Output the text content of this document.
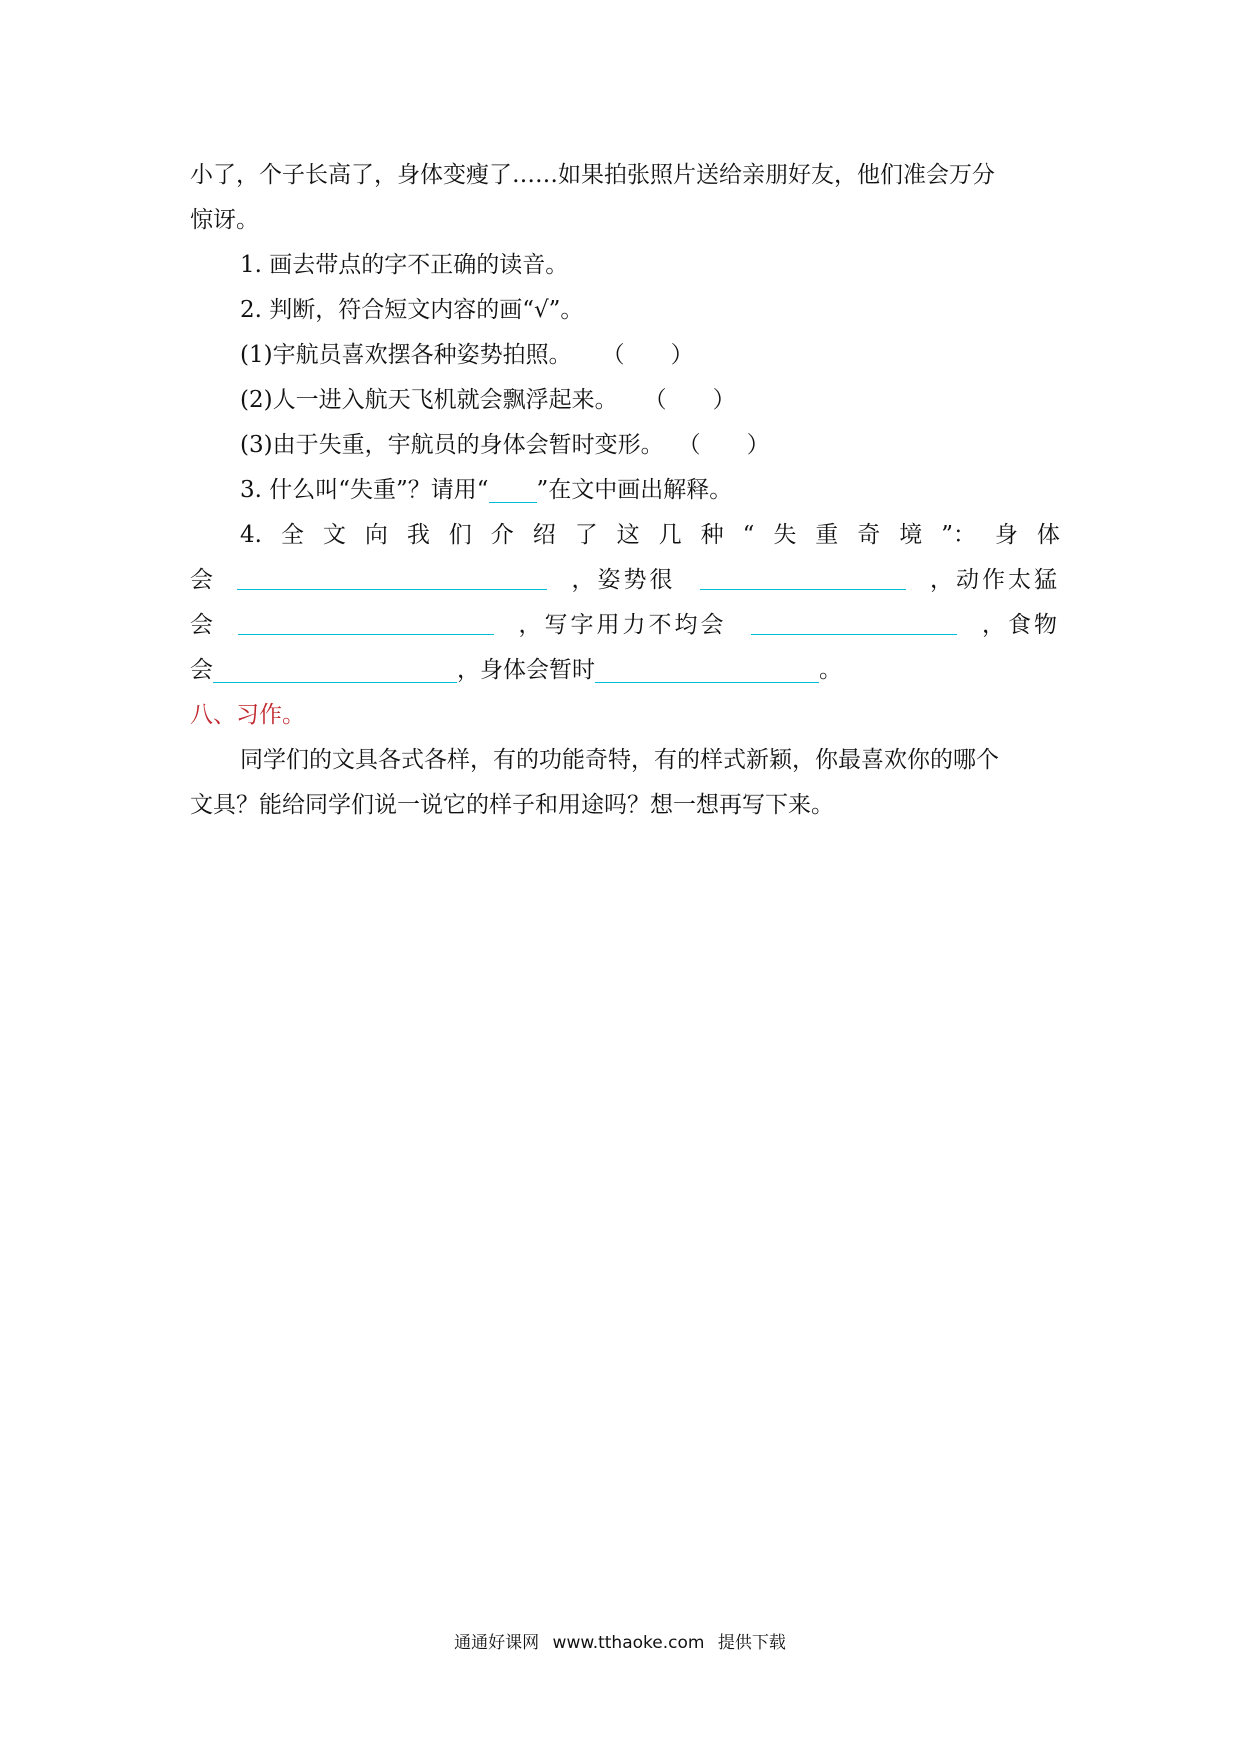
小了，个子长高了，身体变瘦了……如果拍张照片送给亲朋好友，他们准会万分
惊讶。
1. 画去带点的字不正确的读音。
2. 判断，符合短文内容的画“√”。
(1)宇航员喜欢摆各种姿势拍照。 （　　）
(2)人一进入航天飞机就会飘浮起来。 （　　）
(3)由于失重，宇航员的身体会暂时变形。 （　　）
3. 什么叫“失重”？请用“ ”在文中画出解释。
4. 全 文 向 我 们 介 绍 了 这 几 种 “ 失 重 奇 境 ”： 身 体
会	，姿势很	，动作太猛
会	，写字用力不均会	，食物
会	，身体会暂时	。
八、习作。
同学们的文具各式各样，有的功能奇特，有的样式新颖，你最喜欢你的哪个
文具？能给同学们说一说它的样子和用途吗？想一想再写下来。
通通好课网 www.tthaoke.com 提供下载
